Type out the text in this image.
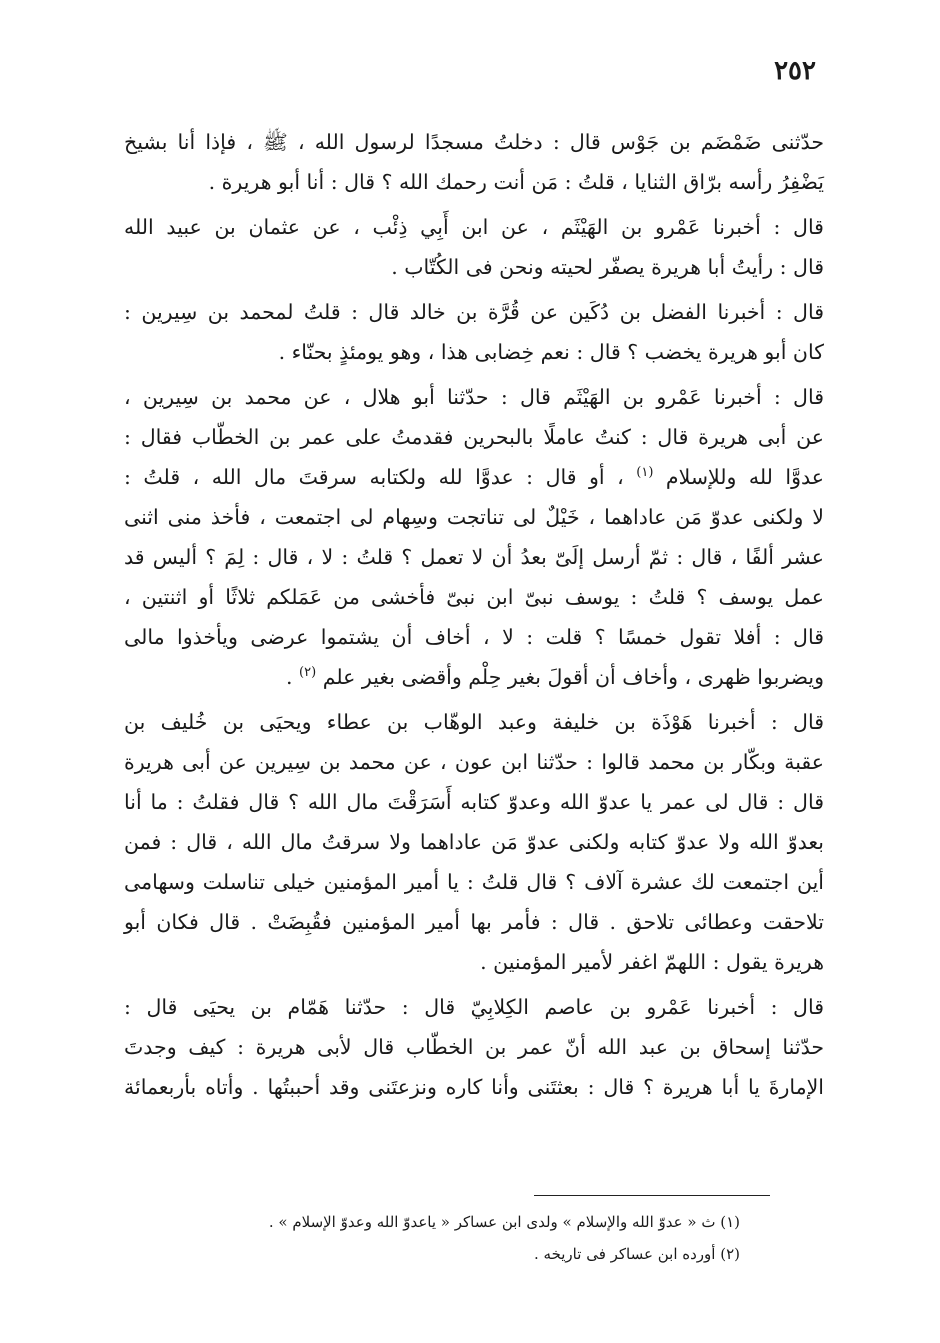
٢٥٢
حدّثنى ضَمْضَم بن جَوْس قال : دخلتُ مسجدًا لرسول الله ، ﷺ ، فإذا أنا بشيخ
يَضْفِرُ رأسه برّاق الثنايا ، قلتُ : مَن أنت رحمك الله ؟ قال : أنا أبو هريرة .
قال : أخبرنا عَمْرو بن الهَيْثَم ، عن ابن أَبِي ذِئْب ، عن عثمان بن عبيد الله
قال : رأيتُ أبا هريرة يصفّر لحيته ونحن فى الكُتّاب .
قال : أخبرنا الفضل بن دُكَين عن قُرَّة بن خالد قال : قلتُ لمحمد بن سِيرين :
كان أبو هريرة يخضب ؟ قال : نعم خِضابى هذا ، وهو يومئذٍ بحنّاء .
قال : أخبرنا عَمْرو بن الهَيْثَم قال : حدّثنا أبو هلال ، عن محمد بن سِيرين ،
عن أبى هريرة قال : كنتُ عاملًا بالبحرين فقدمتُ على عمر بن الخطّاب فقال :
عدوَّا لله وللإسلام $^{(١)}$ ، أو قال : عدوَّا لله ولكتابه سرقتَ مال الله ، قلتُ :
لا ولكنى عدوّ مَن عاداهما ، خَيْلٌ لى تناتجت وسِهام لى اجتمعت ، فأخذ منى اثنى
عشر ألفًا ، قال : ثمّ أرسل إلَىّ بعدُ أن لا تعمل ؟ قلتُ : لا ، قال : لِمَ ؟ أليس قد
عمل يوسف ؟ قلتُ : يوسف نبىّ ابن نبىّ فأخشى من عَمَلكم ثلاثًا أو اثنتين ،
قال : أفلا تقول خمسًا ؟ قلت : لا ، أخاف أن يشتموا عرضى ويأخذوا مالى
ويضربوا ظهرى ، وأخاف أن أقولَ بغير حِلْم وأقضى بغير علم $^{(٢)}$ .
قال : أخبرنا هَوْذَة بن خليفة وعبد الوهّاب بن عطاء ويحيَى بن خُليف بن
عقبة وبكّار بن محمد قالوا : حدّثنا ابن عون ، عن محمد بن سِيرين عن أبى هريرة
قال : قال لى عمر يا عدوّ الله وعدوّ كتابه أَسَرَقْتَ مال الله ؟ قال فقلتُ : ما أنا
بعدوّ الله ولا عدوّ كتابه ولكنى عدوّ مَن عاداهما ولا سرقتُ مال الله ، قال : فمن
أين اجتمعت لك عشرة آلاف ؟ قال قلتُ : يا أمير المؤمنين خيلى تناسلت وسهامى
تلاحقت وعطائى تلاحق . قال : فأمر بها أمير المؤمنين فقُبِضَتْ . قال فكان أبو
هريرة يقول : اللهمّ اغفر لأمير المؤمنين .
قال : أخبرنا عَمْرو بن عاصم الكِلابِيّ قال : حدّثنا هَمّام بن يحيَى قال :
حدّثنا إسحاق بن عبد الله أنّ عمر بن الخطّاب قال لأبى هريرة : كيف وجدتَ
الإمارةَ يا أبا هريرة ؟ قال : بعثتَنى وأنا كاره ونزعتَنى وقد أحببتُها . وأتاه بأربعمائة
(١) ث « عدوّ الله والإسلام » ولدى ابن عساكر « ياعدوّ الله وعدوّ الإسلام » .
(٢) أورده ابن عساكر فى تاريخه .
